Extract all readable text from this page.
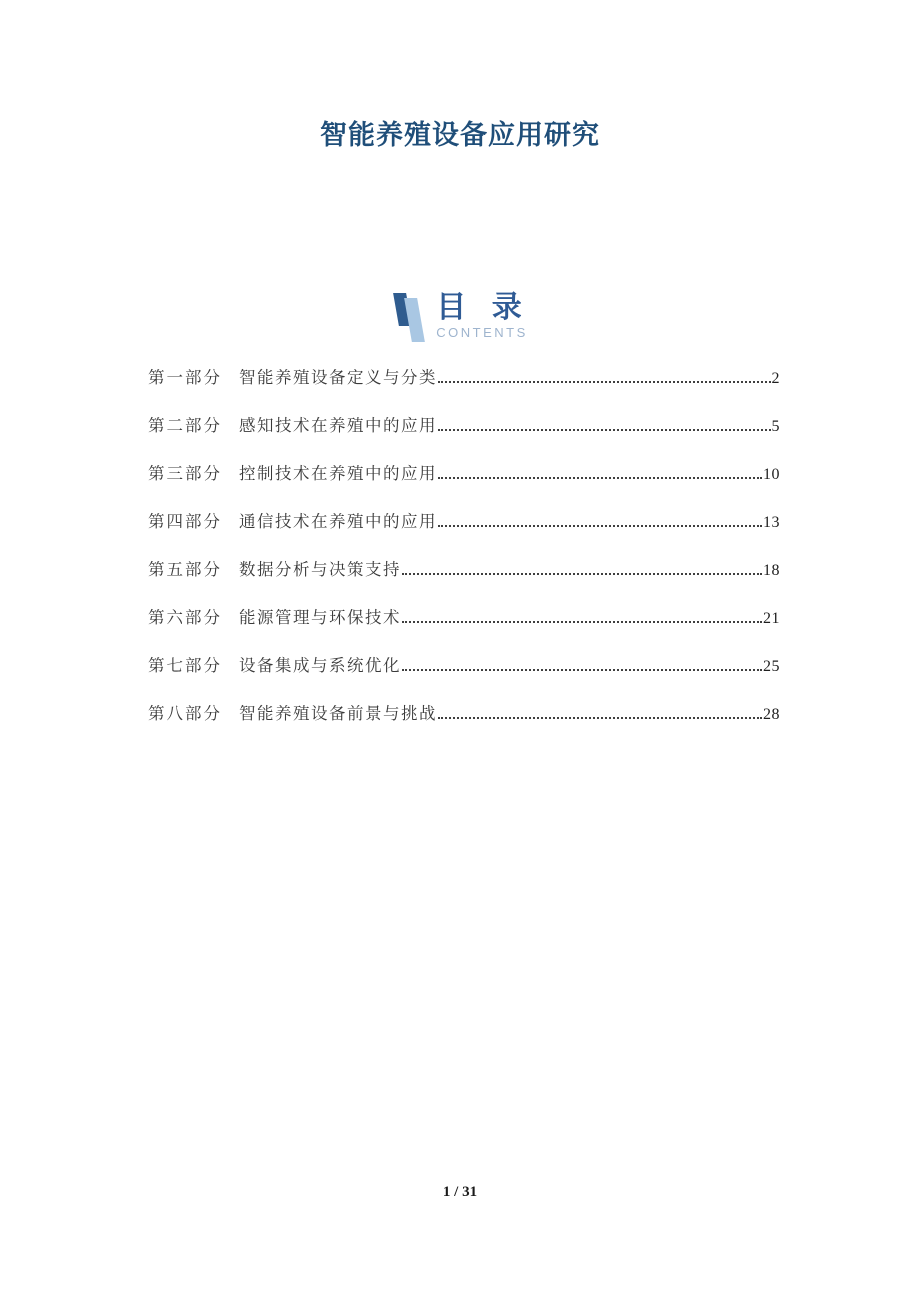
智能养殖设备应用研究
目 录
CONTENTS
第一部分 智能养殖设备定义与分类	2
第二部分 感知技术在养殖中的应用	5
第三部分 控制技术在养殖中的应用	10
第四部分 通信技术在养殖中的应用	13
第五部分 数据分析与决策支持	18
第六部分 能源管理与环保技术	21
第七部分 设备集成与系统优化	25
第八部分 智能养殖设备前景与挑战	28
1 / 31
